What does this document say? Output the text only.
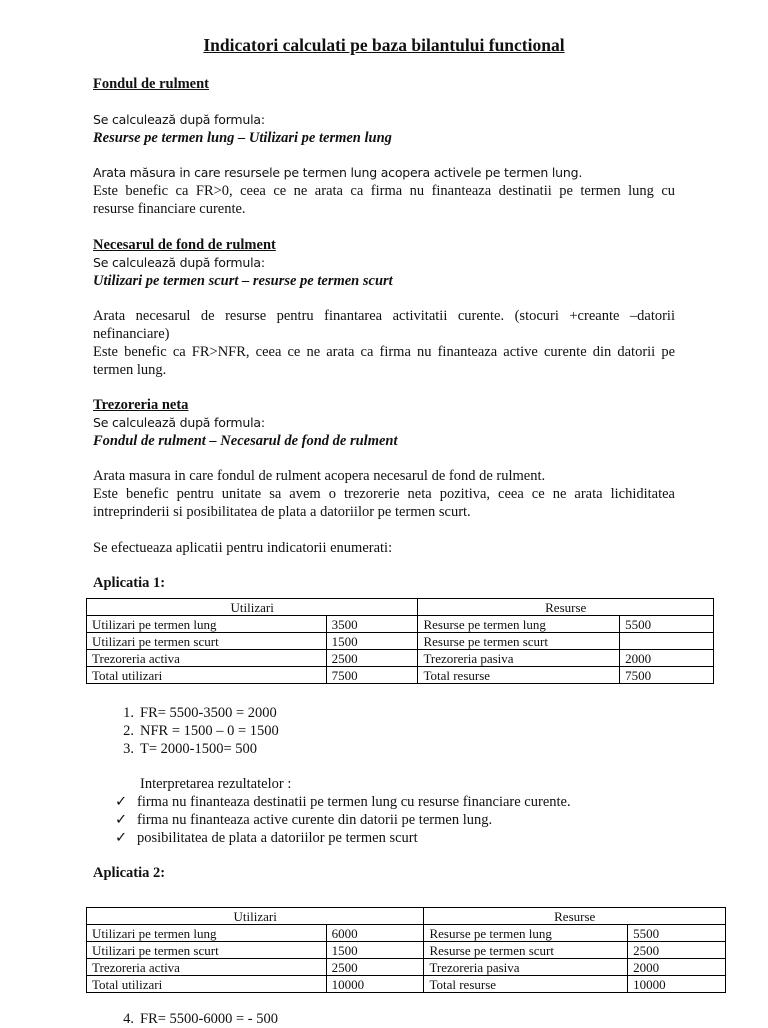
Indicatori calculati pe baza bilantului functional
Fondul de rulment
Se calculează după formula:
Resurse pe termen lung – Utilizari pe termen lung
Arata măsura in care resursele pe termen lung acopera activele pe termen lung.
Este benefic ca FR>0, ceea ce ne arata ca firma nu finanteaza destinatii pe termen lung cu
resurse financiare curente.
Necesarul de fond de rulment
Se calculează după formula:
Utilizari pe termen scurt – resurse pe termen scurt
Arata necesarul de resurse pentru finantarea activitatii curente. (stocuri +creante –datorii
nefinanciare)
Este benefic ca FR>NFR, ceea ce ne arata ca firma nu finanteaza active curente din datorii pe
termen lung.
Trezoreria neta
Se calculează după formula:
Fondul de rulment – Necesarul de fond de rulment
Arata masura in care fondul de rulment acopera necesarul de fond de rulment.
Este benefic pentru unitate sa avem o trezorerie neta pozitiva, ceea ce ne arata lichiditatea
intreprinderii si posibilitatea de plata a datoriilor pe termen scurt.
Se efectueaza aplicatii pentru indicatorii enumerati:
Aplicatia 1:
Utilizari		Resurse	
Utilizari pe termen lung	3500	Resurse pe termen lung	5500
Utilizari pe termen scurt	1500	Resurse pe termen scurt	
Trezoreria activa	2500	Trezoreria pasiva	2000
Total utilizari	7500	Total resurse	7500
1. FR= 5500-3500 = 2000
2. NFR = 1500 – 0 = 1500
3. T= 2000-1500= 500
Interpretarea rezultatelor :
✓ firma nu finanteaza destinatii pe termen lung cu resurse financiare curente.
✓ firma nu finanteaza active curente din datorii pe termen lung.
✓ posibilitatea de plata a datoriilor pe termen scurt
Aplicatia 2:
Utilizari		Resurse	
Utilizari pe termen lung	6000	Resurse pe termen lung	5500
Utilizari pe termen scurt	1500	Resurse pe termen scurt	2500
Trezoreria activa	2500	Trezoreria pasiva	2000
Total utilizari	10000	Total resurse	10000
4. FR= 5500-6000 = - 500
